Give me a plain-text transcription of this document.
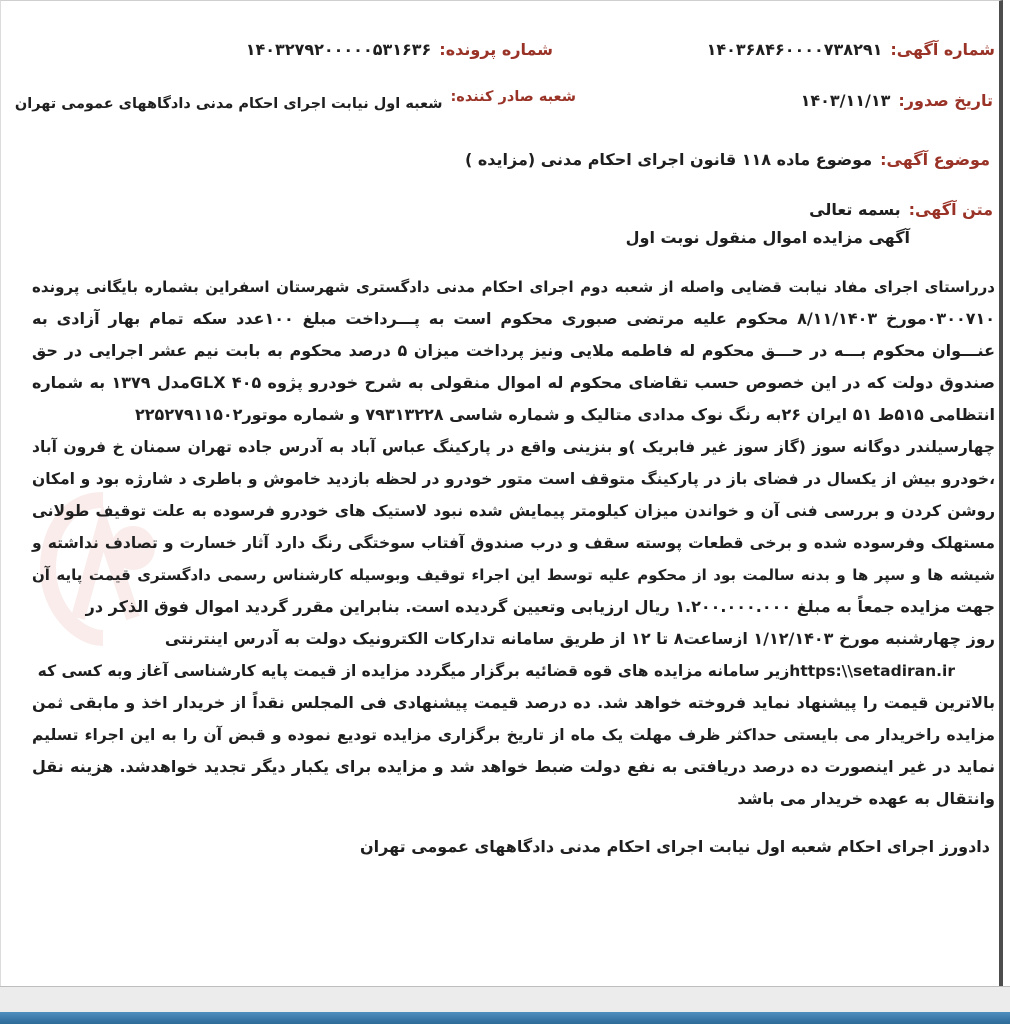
شماره آگهی:
۱۴۰۳۶۸۴۶۰۰۰۰۷۳۸۲۹۱
شماره پرونده:
۱۴۰۳۲۷۹۲۰۰۰۰۰۵۳۱۶۳۶
تاریخ صدور:
۱۴۰۳/۱۱/۱۳
شعبه صادر کننده:
شعبه اول نیابت اجرای احکام مدنی دادگاههای عمومی تهران
موضوع آگهی:
موضوع ماده ۱۱۸ قانون اجرای احکام مدنی (مزایده )
متن آگهی:
بسمه تعالی
آگهی مزایده اموال منقول نوبت اول
درراستای اجرای مفاد نیابت قضایی واصله از شعبه دوم اجرای احکام مدنی دادگستری شهرستان اسفراین بشماره بایگانی پرونده
۰۳۰۰۷۱۰مورخ ۸/۱۱/۱۴۰۳ محکوم علیه مرتضی صبوری محکوم است به پـــرداخت مبلغ ۱۰۰عدد سکه تمام بهار آزادی به
عنـــوان محکوم بـــه در حـــق محکوم له فاطمه ملایی ونیز پرداخت میزان ۵ درصد محکوم به بابت نیم عشر اجرایی در حق
صندوق دولت که در این خصوص حسب تقاضای محکوم له اموال منقولی به شرح خودرو پژوه ۴۰۵ GLXمدل ۱۳۷۹ به شماره
انتظامی ۵۱۵ط ۵۱ ایران ۲۶به رنگ نوک مدادی متالیک و شماره شاسی ۷۹۳۱۳۲۲۸ و شماره موتور۲۲۵۲۷۹۱۱۵۰۲
چهارسیلندر دوگانه سوز (گاز سوز غیر فابریک )و بنزینی واقع در پارکینگ عباس آباد به آدرس جاده تهران سمنان خ فرون آباد
،خودرو بیش از یکسال در فضای باز در پارکینگ متوقف است متور خودرو در لحظه بازدید خاموش و باطری د شارژه بود و امکان
روشن کردن و بررسی فنی آن و خواندن میزان کیلومتر پیمایش شده نبود لاستیک های خودرو فرسوده به علت توقیف طولانی
مستهلک وفرسوده شده و برخی قطعات پوسته سقف و درب صندوق آفتاب سوختگی رنگ دارد آثار خسارت و تصادف نداشته و
شیشه ها و سپر ها و بدنه سالمت بود از محکوم علیه توسط این اجراء توقیف وبوسیله کارشناس رسمی دادگستری قیمت پایه آن
جهت مزایده جمعاً به مبلغ ۱.۲۰۰.۰۰۰.۰۰۰ ریال ارزیابی وتعیین گردیده است. بنابراین مقرر گردید اموال فوق الذکر در
روز چهارشنبه مورخ ۱/۱۲/۱۴۰۳ ازساعت۸ تا ۱۲ از طریق سامانه تدارکات الکترونیک دولت به آدرس اینترنتی
https:\\setadiran.irزیر سامانه مزایده های قوه قضائیه برگزار میگردد مزایده از قیمت پایه کارشناسی آغاز وبه کسی که
بالاترین قیمت را پیشنهاد نماید فروخته خواهد شد. ده درصد قیمت پیشنهادی فی المجلس نقداً از خریدار اخذ و مابقی ثمن
مزایده راخریدار می بایستی حداکثر ظرف مهلت یک ماه از تاریخ برگزاری مزایده تودیع نموده و قبض آن را به این اجراء تسلیم
نماید در غیر اینصورت ده درصد دریافتی به نفع دولت ضبط خواهد شد و مزایده برای یکبار دیگر تجدید خواهدشد. هزینه نقل
وانتقال به عهده خریدار می باشد
دادورز اجرای احکام شعبه اول نیابت اجرای احکام مدنی دادگاههای عمومی تهران
